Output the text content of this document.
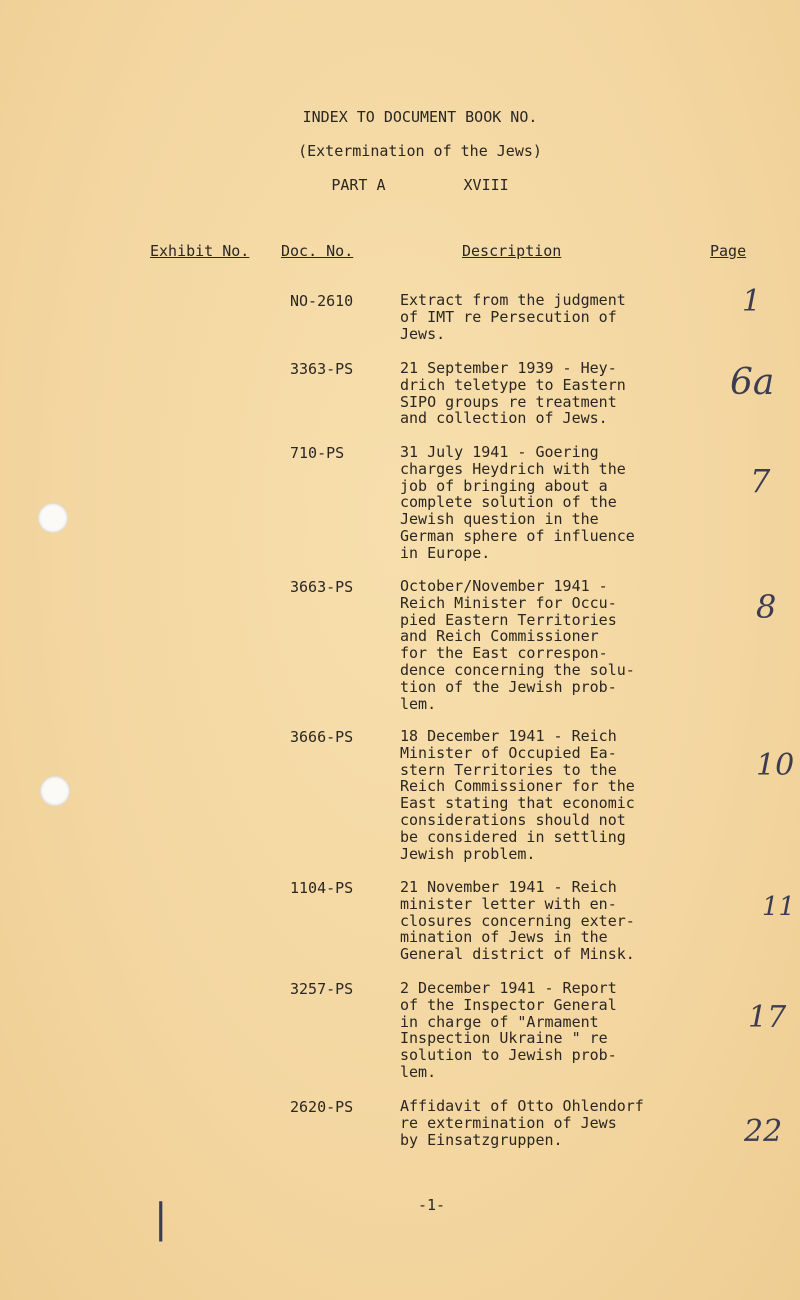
INDEX TO DOCUMENT BOOK NO.
(Extermination of the Jews)
PART A	XVIII
Exhibit No. Doc. No.	Description	Page
NO-2610	Extract from the judgment
of IMT re Persecution of
Jews.
1
3363-PS	21 September 1939 - Hey-
drich teletype to Eastern
SIPO groups re treatment
and collection of Jews.
6a
710-PS	31 July 1941 - Goering
charges Heydrich with the
job of bringing about a
complete solution of the
Jewish question in the
German sphere of influence
in Europe.
7
3663-PS	October/November 1941 -
Reich Minister for Occu-
pied Eastern Territories
and Reich Commissioner
for the East correspon-
dence concerning the solu-
tion of the Jewish prob-
lem.
8
3666-PS	18 December 1941 - Reich
Minister of Occupied Ea-
stern Territories to the
Reich Commissioner for the
East stating that economic
considerations should not
be considered in settling
Jewish problem.
10
1104-PS	21 November 1941 - Reich
minister letter with en-
closures concerning exter-
mination of Jews in the
General district of Minsk.
11
3257-PS	2 December 1941 - Report
of the Inspector General
in charge of "Armament
Inspection Ukraine " re
solution to Jewish prob-
lem.
17
2620-PS	Affidavit of Otto Ohlendorf
re extermination of Jews
by Einsatzgruppen.	22
-1-
|
